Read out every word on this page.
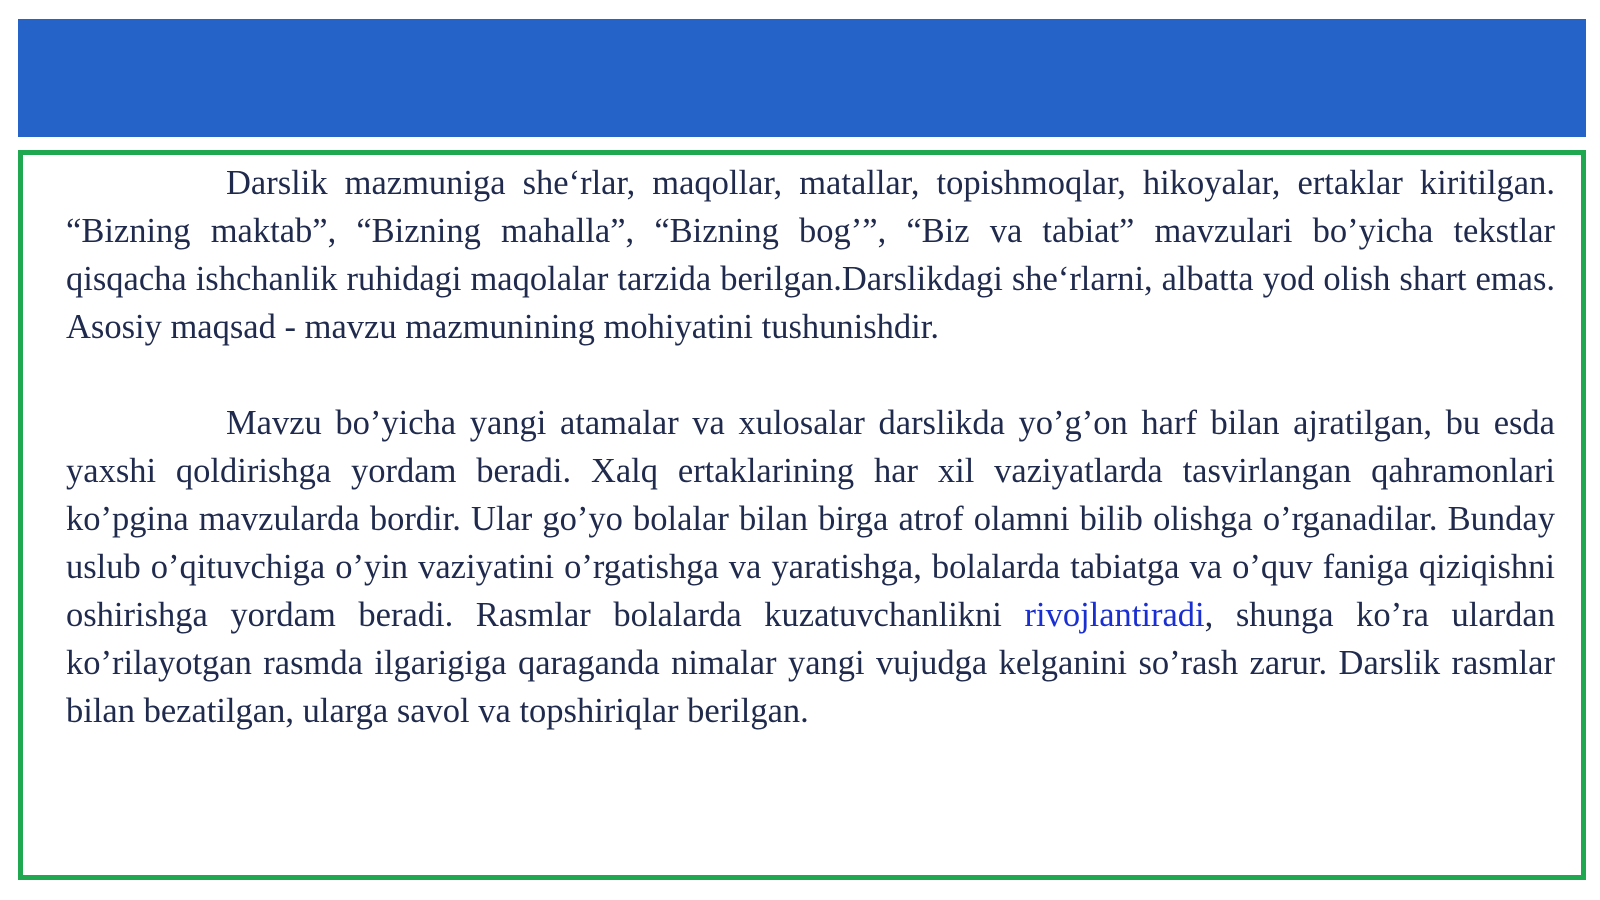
Darslik mazmuniga she‘rlar, maqollar, matallar, topishmoqlar, hikoyalar, ertaklar kiritilgan. “Bizning maktab”, “Bizning mahalla”, “Bizning bog’”, “Biz va tabiat” mavzulari bo’yicha tekstlar qisqacha ishchanlik ruhidagi maqolalar tarzida berilgan.Darslikdagi she‘rlarni, albatta yod olish shart emas. Asosiy maqsad - mavzu mazmunining mohiyatini tushunishdir.

Mavzu bo’yicha yangi atamalar va xulosalar darslikda yo’g’on harf bilan ajratilgan, bu esda yaxshi qoldirishga yordam beradi. Xalq ertaklarining har xil vaziyatlarda tasvirlangan qahramonlari ko’pgina mavzularda bordir. Ular go’yo bolalar bilan birga atrof olamni bilib olishga o’rganadilar. Bunday uslub o’qituvchiga o’yin vaziyatini o’rgatishga va yaratishga, bolalarda tabiatga va o’quv faniga qiziqishni oshirishga yordam beradi. Rasmlar bolalarda kuzatuvchanlikni rivojlantiradi, shunga ko’ra ulardan ko’rilayotgan rasmda ilgarigiga qaraganda nimalar yangi vujudga kelganini so’rash zarur. Darslik rasmlar bilan bezatilgan, ularga savol va topshiriqlar berilgan.
